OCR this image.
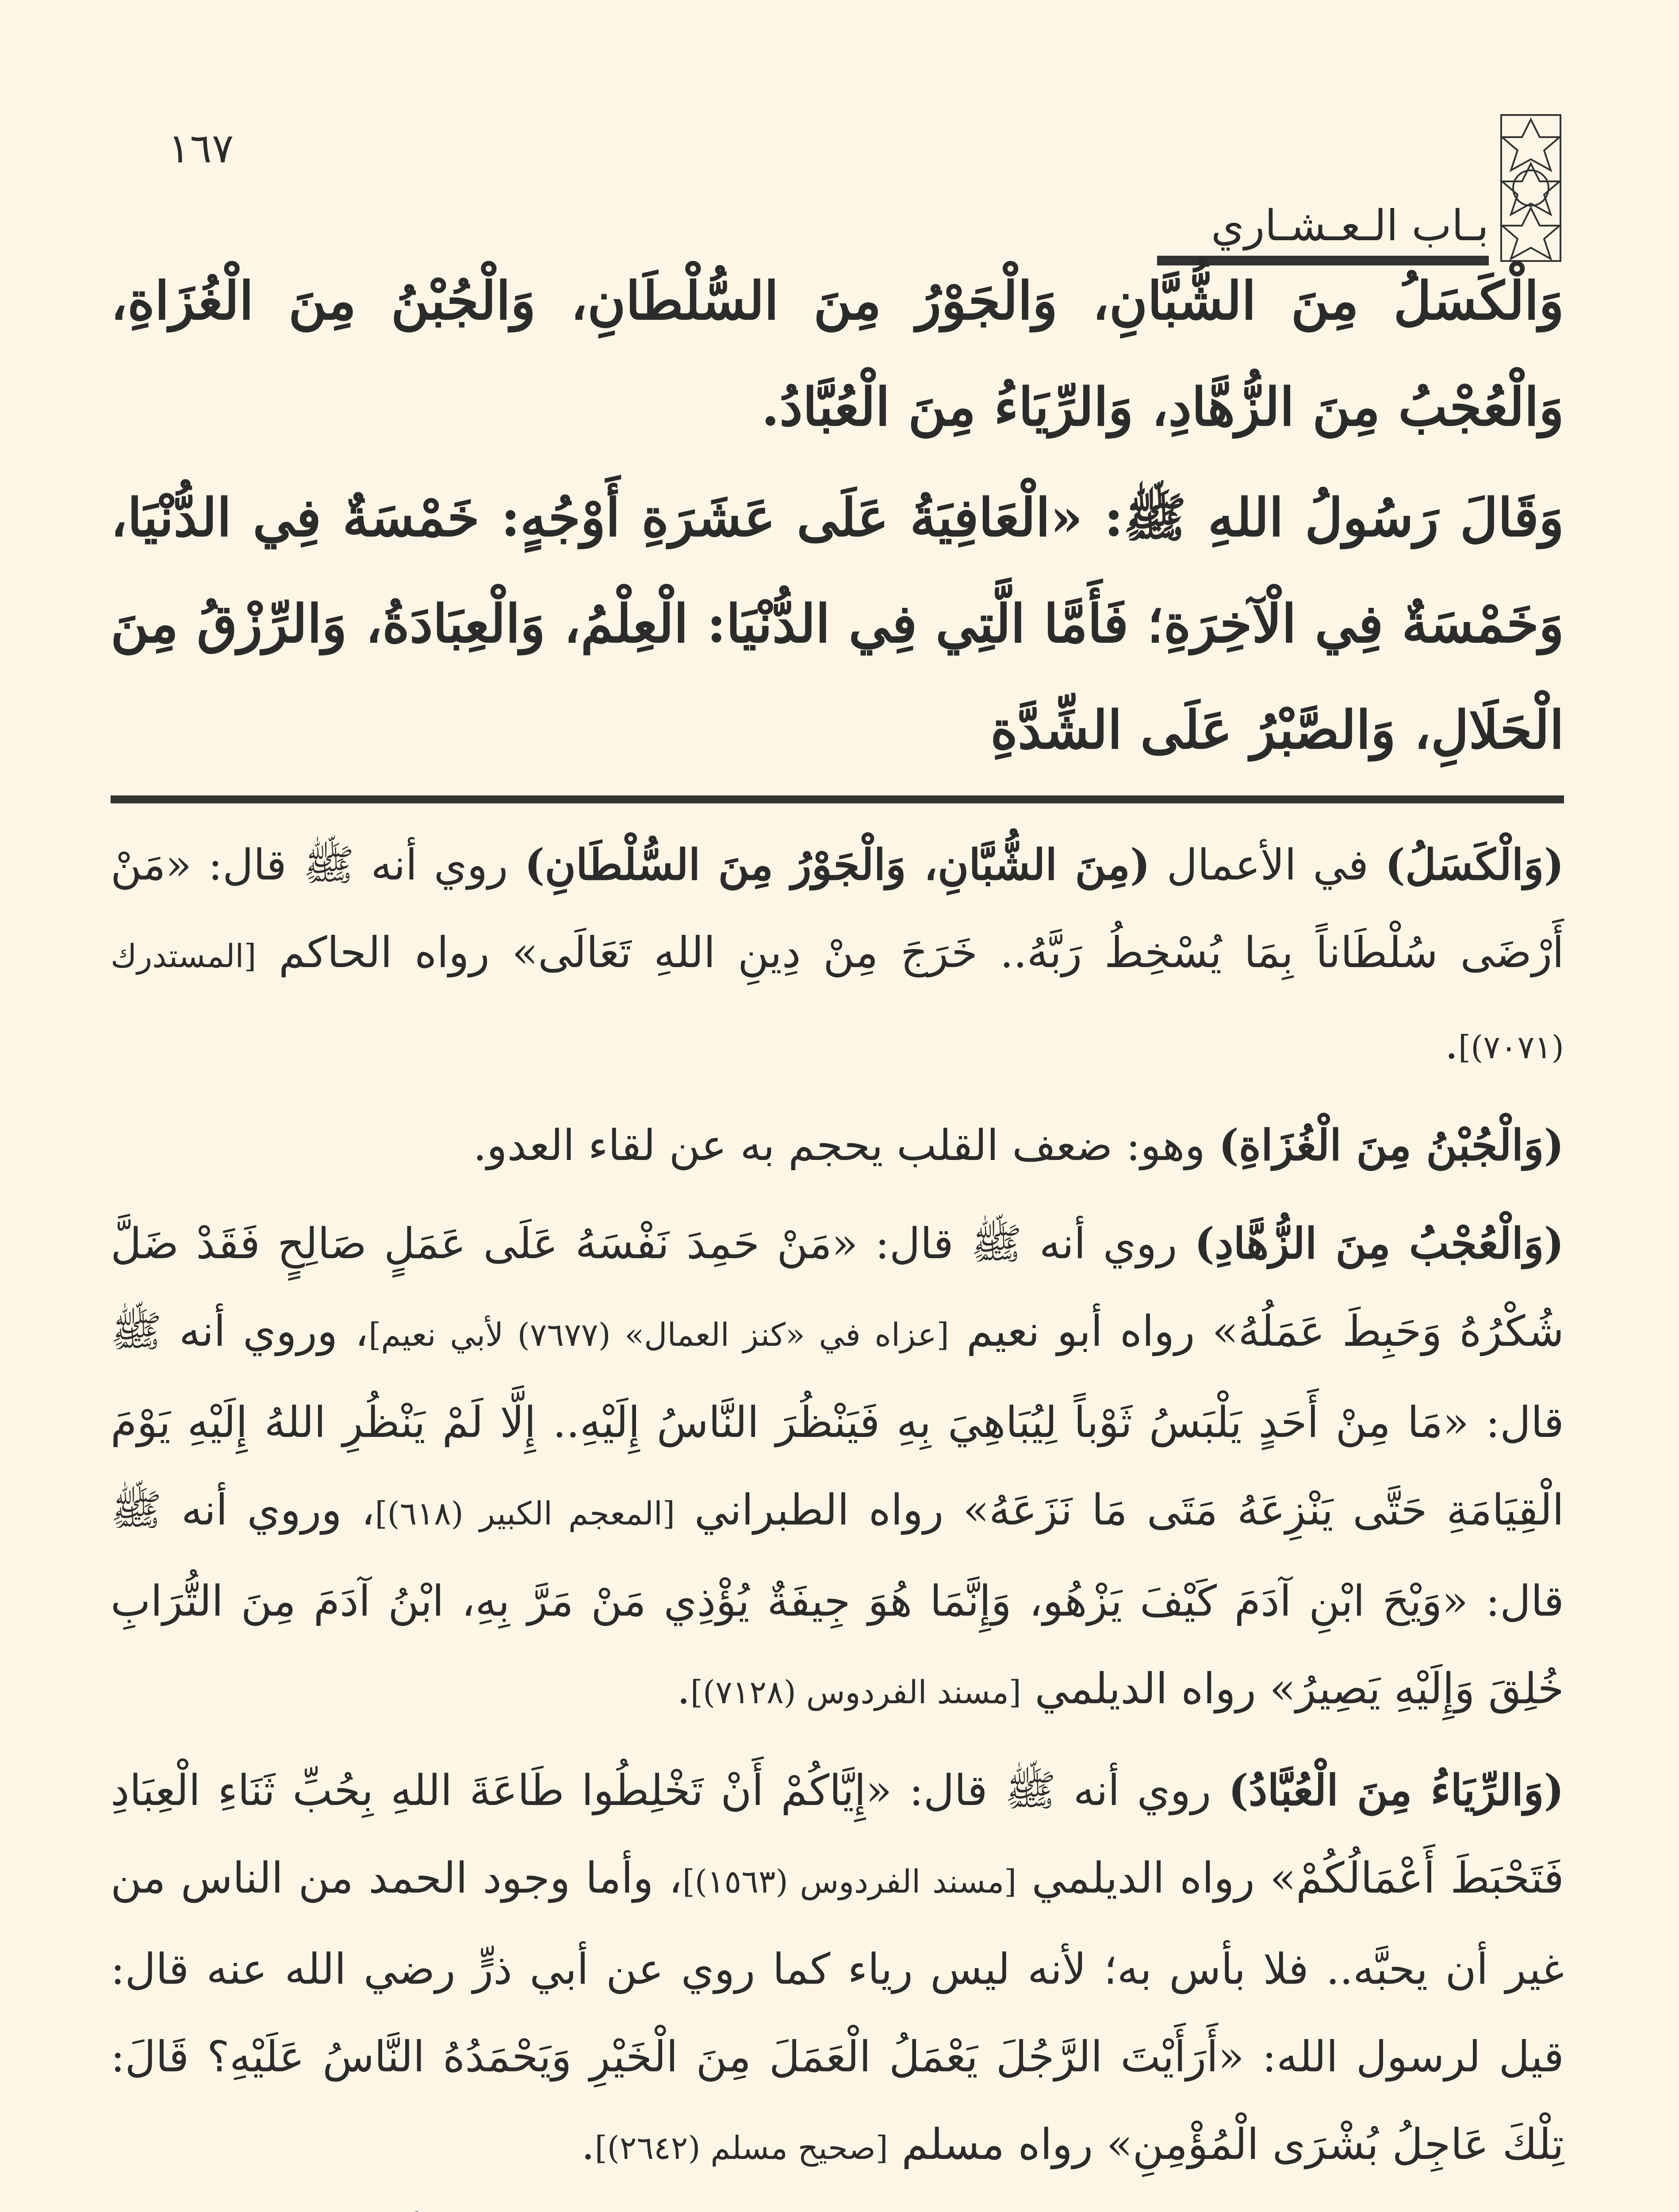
١٦٧
بـاب الـعـشـاري

وَالْكَسَلُ مِنَ الشُّبَّانِ، وَالْجَوْرُ مِنَ السُّلْطَانِ، وَالْجُبْنُ مِنَ الْغُزَاةِ، وَالْعُجْبُ مِنَ الزُّهَّادِ، وَالرِّيَاءُ مِنَ الْعُبَّادُ.

وَقَالَ رَسُولُ اللهِ ﷺ: «الْعَافِيَةُ عَلَى عَشَرَةِ أَوْجُهٍ: خَمْسَةٌ فِي الدُّنْيَا، وَخَمْسَةٌ فِي الْآخِرَةِ؛ فَأَمَّا الَّتِي فِي الدُّنْيَا: الْعِلْمُ، وَالْعِبَادَةُ، وَالرِّزْقُ مِنَ الْحَلَالِ، وَالصَّبْرُ عَلَى الشِّدَّةِ

(وَالْكَسَلُ) في الأعمال (مِنَ الشُّبَّانِ، وَالْجَوْرُ مِنَ السُّلْطَانِ) روي أنه ﷺ قال: «مَنْ أَرْضَى سُلْطَاناً بِمَا يُسْخِطُ رَبَّهُ.. خَرَجَ مِنْ دِينِ اللهِ تَعَالَى» رواه الحاكم [المستدرك (٧٠٧١)].

(وَالْجُبْنُ مِنَ الْغُزَاةِ) وهو: ضعف القلب يحجم به عن لقاء العدو.

(وَالْعُجْبُ مِنَ الزُّهَّادِ) روي أنه ﷺ قال: «مَنْ حَمِدَ نَفْسَهُ عَلَى عَمَلٍ صَالِحٍ فَقَدْ ضَلَّ شُكْرُهُ وَحَبِطَ عَمَلُهُ» رواه أبو نعيم [عزاه في «كنز العمال» (٧٦٧٧) لأبي نعيم]، وروي أنه ﷺ قال: «مَا مِنْ أَحَدٍ يَلْبَسُ ثَوْباً لِيُبَاهِيَ بِهِ فَيَنْظُرَ النَّاسُ إِلَيْهِ.. إِلَّا لَمْ يَنْظُرِ اللهُ إِلَيْهِ يَوْمَ الْقِيَامَةِ حَتَّى يَنْزِعَهُ مَتَى مَا نَزَعَهُ» رواه الطبراني [المعجم الكبير (٦١٨)]، وروي أنه ﷺ قال: «وَيْحَ ابْنِ آدَمَ كَيْفَ يَزْهُو، وَإِنَّمَا هُوَ جِيفَةٌ يُؤْذِي مَنْ مَرَّ بِهِ، ابْنُ آدَمَ مِنَ التُّرَابِ خُلِقَ وَإِلَيْهِ يَصِيرُ» رواه الديلمي [مسند الفردوس (٧١٢٨)].

(وَالرِّيَاءُ مِنَ الْعُبَّادُ) روي أنه ﷺ قال: «إِيَّاكُمْ أَنْ تَخْلِطُوا طَاعَةَ اللهِ بِحُبِّ ثَنَاءِ الْعِبَادِ فَتَحْبَطَ أَعْمَالُكُمْ» رواه الديلمي [مسند الفردوس (١٥٦٣)]، وأما وجود الحمد من الناس من غير أن يحبَّه.. فلا بأس به؛ لأنه ليس رياء كما روي عن أبي ذرٍّ رضي الله عنه قال: قيل لرسول الله: «أَرَأَيْتَ الرَّجُلَ يَعْمَلُ الْعَمَلَ مِنَ الْخَيْرِ وَيَحْمَدُهُ النَّاسُ عَلَيْهِ؟ قَالَ: تِلْكَ عَاجِلُ بُشْرَى الْمُؤْمِنِ» رواه مسلم [صحيح مسلم (٢٦٤٢)].
